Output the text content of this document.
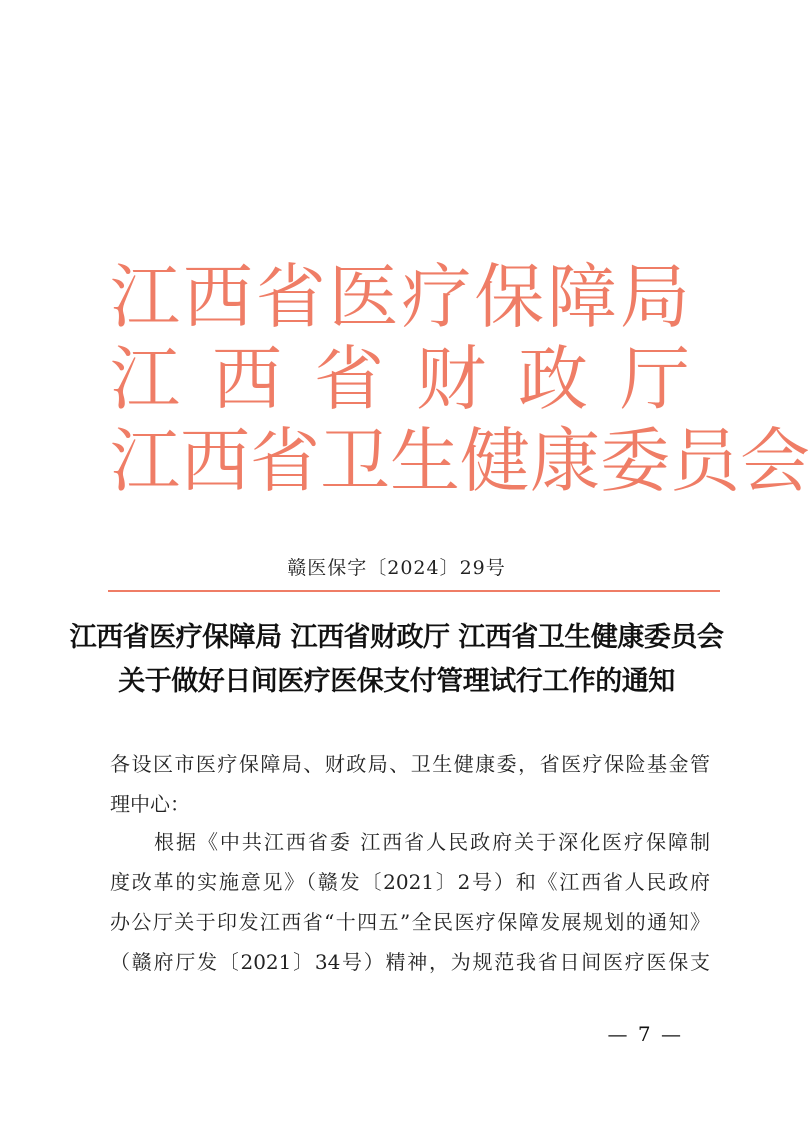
江 西 省 医 疗 保 障 局
江 西 省 财 政 厅
江 西 省 卫 生 健 康 委 员 会
赣医保字〔2024〕29号
江西省医疗保障局 江西省财政厅 江西省卫生健康委员会
关于做好日间医疗医保支付管理试行工作的通知
各设区市医疗保障局、财政局、卫生健康委，省医疗保险基金管
理中心：
　　根据《中共江西省委 江西省人民政府关于深化医疗保障制
度改革的实施意见》（赣发〔2021〕2号）和《江西省人民政府
办公厅关于印发江西省“十四五”全民医疗保障发展规划的通知》
（赣府厅发〔2021〕34号）精神，为规范我省日间医疗医保支
— 7 —
